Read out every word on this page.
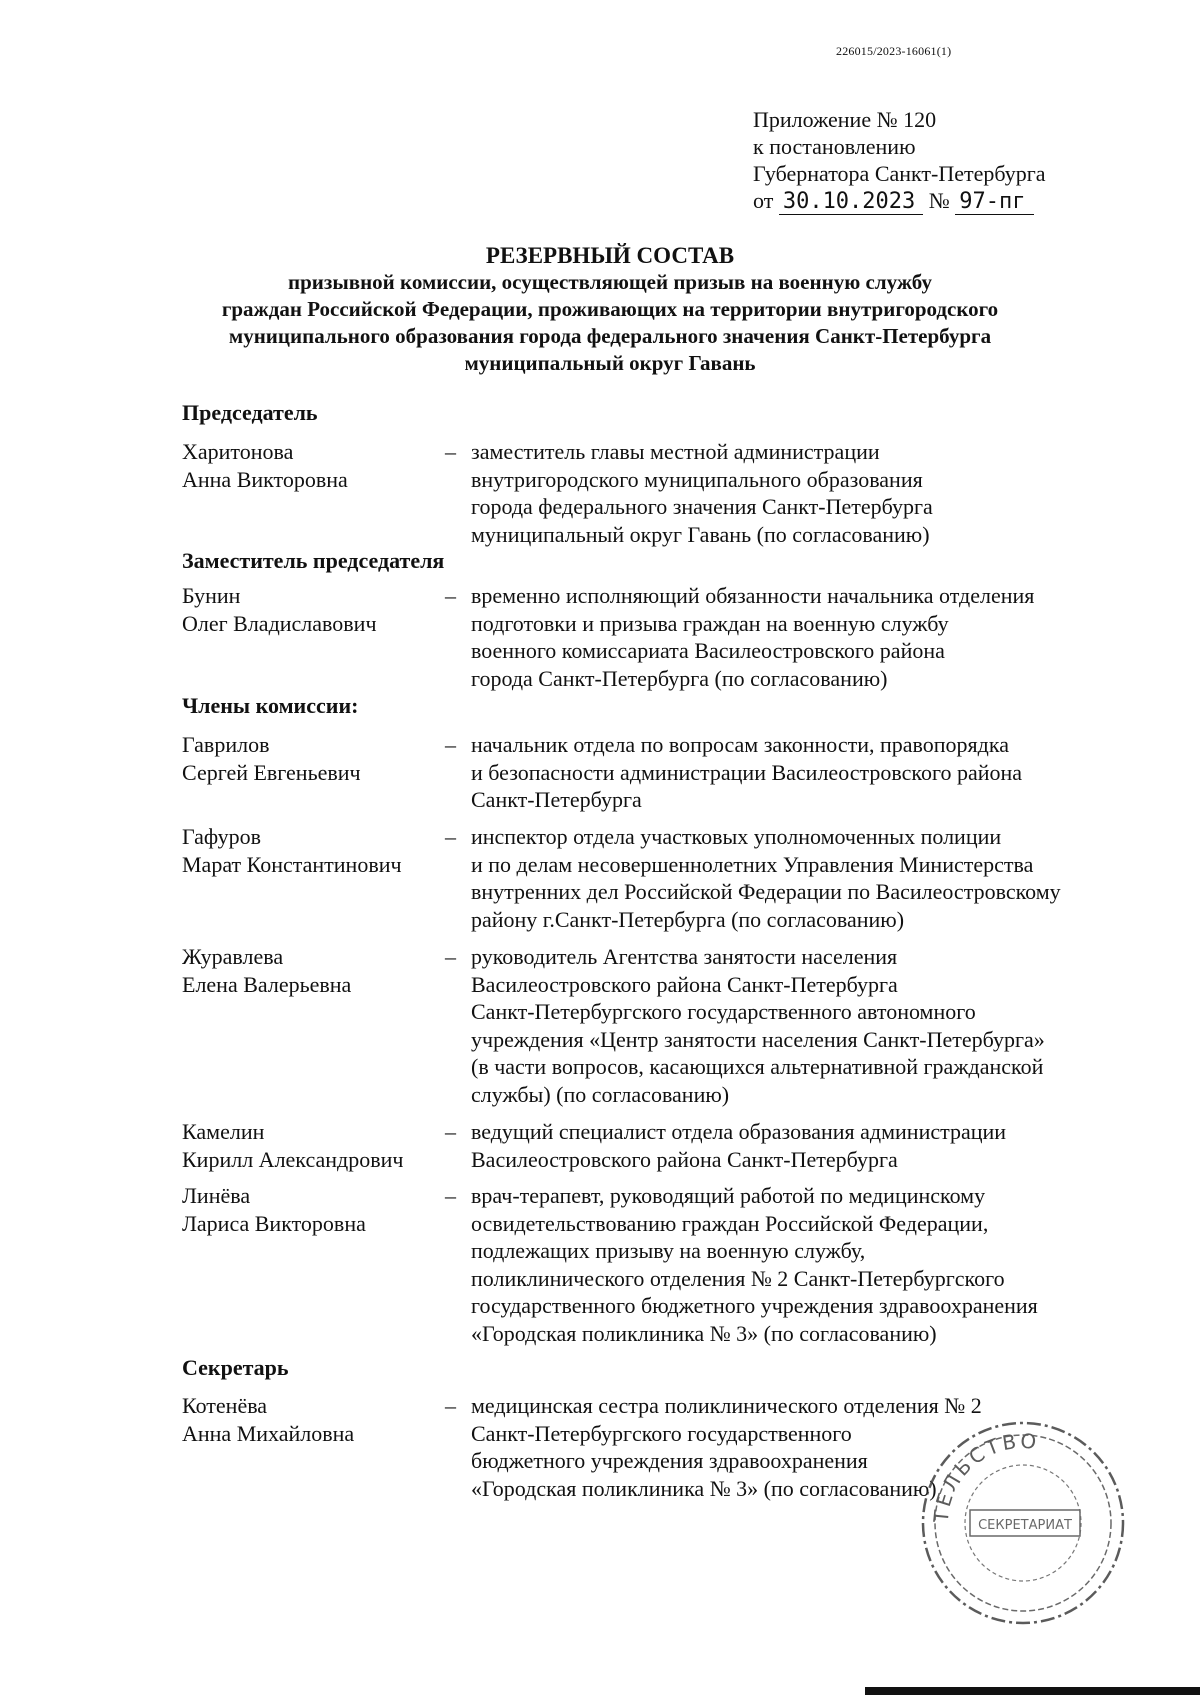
226015/2023-16061(1)
Приложение № 120
к постановлению
Губернатора Санкт-Петербурга
от 30.10.2023 № 97-пг
РЕЗЕРВНЫЙ СОСТАВ
призывной комиссии, осуществляющей призыв на военную службу
граждан Российской Федерации, проживающих на территории внутригородского
муниципального образования города федерального значения Санкт-Петербурга
муниципальный округ Гавань
Председатель
Харитонова
Анна Викторовна
– заместитель главы местной администрации
внутригородского муниципального образования
города федерального значения Санкт-Петербурга
муниципальный округ Гавань (по согласованию)
Заместитель председателя
Бунин
Олег Владиславович
– временно исполняющий обязанности начальника отделения
подготовки и призыва граждан на военную службу
военного комиссариата Василеостровского района
города Санкт-Петербурга (по согласованию)
Члены комиссии:
Гаврилов
Сергей Евгеньевич
– начальник отдела по вопросам законности, правопорядка
и безопасности администрации Василеостровского района
Санкт-Петербурга
Гафуров
Марат Константинович
– инспектор отдела участковых уполномоченных полиции
и по делам несовершеннолетних Управления Министерства
внутренних дел Российской Федерации по Василеостровскому
району г.Санкт-Петербурга (по согласованию)
Журавлева
Елена Валерьевна
– руководитель Агентства занятости населения
Василеостровского района Санкт-Петербурга
Санкт-Петербургского государственного автономного
учреждения «Центр занятости населения Санкт-Петербурга»
(в части вопросов, касающихся альтернативной гражданской
службы) (по согласованию)
Камелин
Кирилл Александрович
– ведущий специалист отдела образования администрации
Василеостровского района Санкт-Петербурга
Линёва
Лариса Викторовна
– врач-терапевт, руководящий работой по медицинскому
освидетельствованию граждан Российской Федерации,
подлежащих призыву на военную службу,
поликлинического отделения № 2 Санкт-Петербургского
государственного бюджетного учреждения здравоохранения
«Городская поликлиника № 3» (по согласованию)
Секретарь
Котенёва
Анна Михайловна
– медицинская сестра поликлинического отделения № 2
Санкт-Петербургского государственного
бюджетного учреждения здравоохранения
«Городская поликлиника № 3» (по согласованию)
ТЕЛЬСТВО
СЕКРЕТАРИАТ
